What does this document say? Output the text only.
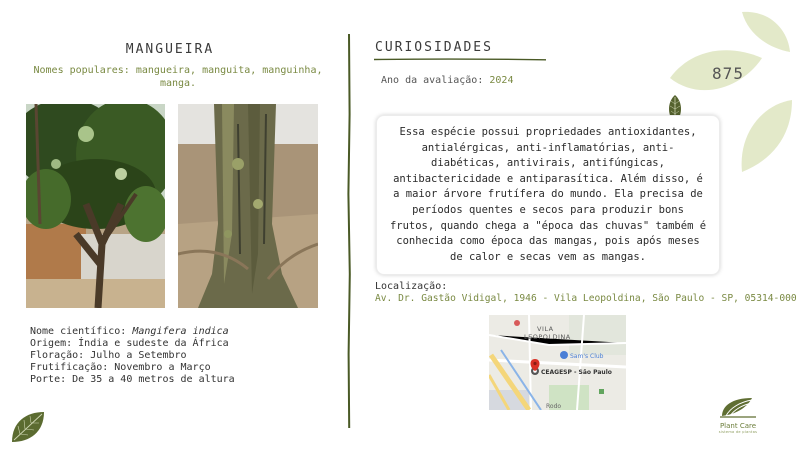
MANGUEIRA
Nomes populares: mangueira, manguita, manguinha, manga.
Nome científico: Mangifera indica
Origem: Índia e sudeste da África
Floração: Julho a Setembro
Frutificação: Novembro a Março
Porte: De 35 a 40 metros de altura
CURIOSIDADES
Ano da avaliação: 2024

Essa espécie possui propriedades antioxidantes, antialérgicas, anti-inflamatórias, anti-diabéticas, antivirais, antifúngicas, antibactericidade e antiparasítica. Além disso, é a maior árvore frutífera do mundo. Ela precisa de períodos quentes e secos para produzir bons frutos, quando chega a "época das chuvas" também é conhecida como época das mangas, pois após meses de calor e secas vem as mangas.

Localização:
Av. Dr. Gastão Vidigal, 1946 - Vila Leopoldina, São Paulo - SP, 05314-000
VILA
LEOPOLDINA
Sam's Club
CEAGESP - São Paulo
Rodo
875
Plant Care
sistema de plantas
